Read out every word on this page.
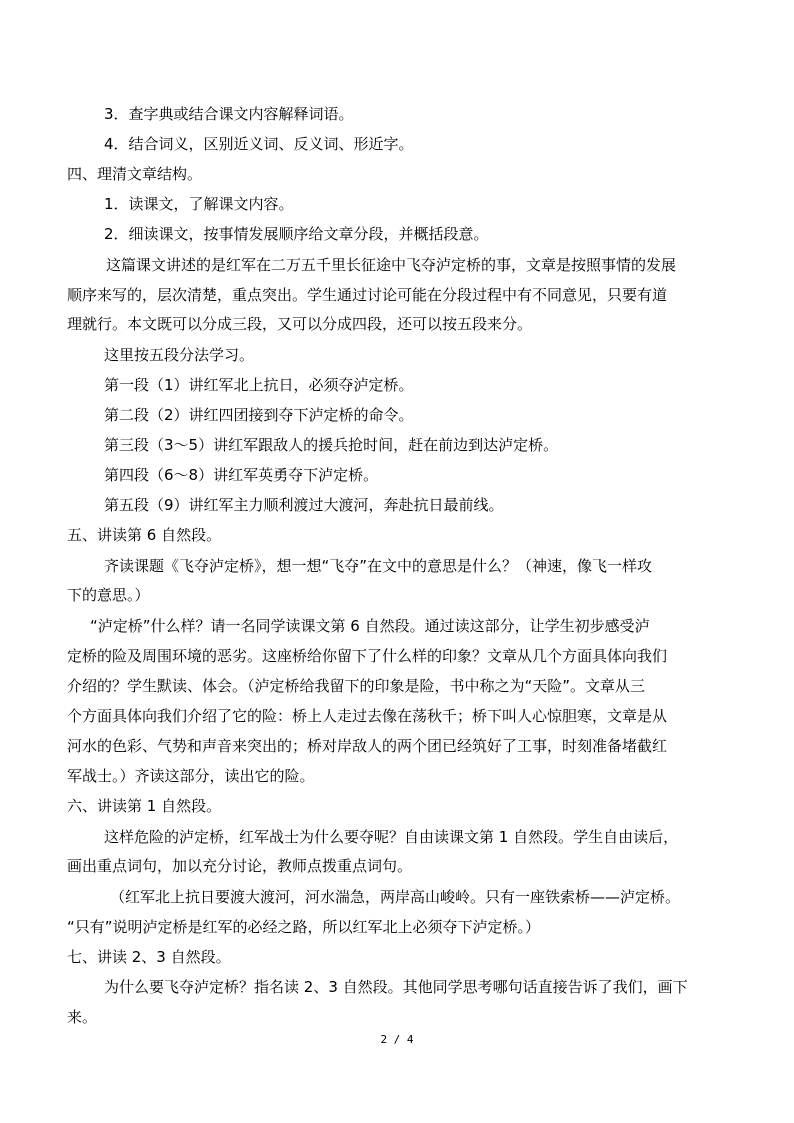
3．查字典或结合课文内容解释词语。
4．结合词义，区别近义词、反义词、形近字。
四、理清文章结构。
1．读课文，了解课文内容。
2．细读课文，按事情发展顺序给文章分段，并概括段意。
这篇课文讲述的是红军在二万五千里长征途中飞夺泸定桥的事，文章是按照事情的发展
顺序来写的，层次清楚，重点突出。学生通过讨论可能在分段过程中有不同意见，只要有道
理就行。本文既可以分成三段，又可以分成四段，还可以按五段来分。
这里按五段分法学习。
第一段（1）讲红军北上抗日，必须夺泸定桥。
第二段（2）讲红四团接到夺下泸定桥的命令。
第三段（3～5）讲红军跟敌人的援兵抢时间，赶在前边到达泸定桥。
第四段（6～8）讲红军英勇夺下泸定桥。
第五段（9）讲红军主力顺利渡过大渡河，奔赴抗日最前线。
五、讲读第 6 自然段。
齐读课题《飞夺泸定桥》，想一想“飞夺”在文中的意思是什么？（神速，像飞一样攻
下的意思。）
“泸定桥”什么样？请一名同学读课文第 6 自然段。通过读这部分，让学生初步感受泸
定桥的险及周围环境的恶劣。这座桥给你留下了什么样的印象？文章从几个方面具体向我们
介绍的？学生默读、体会。（泸定桥给我留下的印象是险，书中称之为“天险”。文章从三
个方面具体向我们介绍了它的险：桥上人走过去像在荡秋千；桥下叫人心惊胆寒，文章是从
河水的色彩、气势和声音来突出的；桥对岸敌人的两个团已经筑好了工事，时刻准备堵截红
军战士。）齐读这部分，读出它的险。
六、讲读第 1 自然段。
这样危险的泸定桥，红军战士为什么要夺呢？自由读课文第 1 自然段。学生自由读后，
画出重点词句，加以充分讨论，教师点拨重点词句。
（红军北上抗日要渡大渡河，河水湍急，两岸高山峻岭。只有一座铁索桥——泸定桥。
“只有”说明泸定桥是红军的必经之路，所以红军北上必须夺下泸定桥。）
七、讲读 2、3 自然段。
为什么要飞夺泸定桥？指名读 2、3 自然段。其他同学思考哪句话直接告诉了我们，画下
来。
2 / 4
